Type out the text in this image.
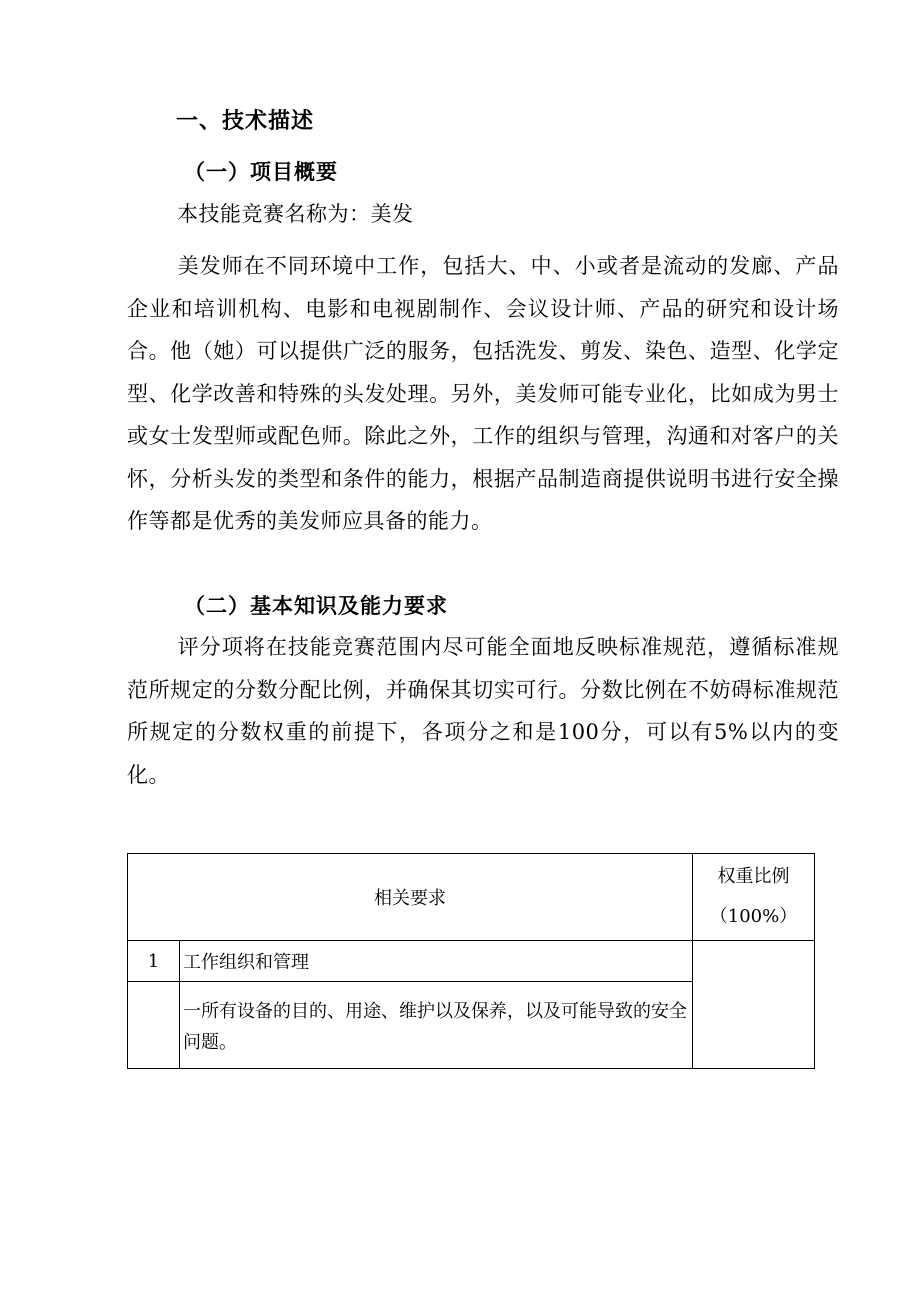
一、技术描述
（一）项目概要
本技能竞赛名称为：美发
美发师在不同环境中工作，包括大、中、小或者是流动的发廊、产品企业和培训机构、电影和电视剧制作、会议设计师、产品的研究和设计场合。他（她）可以提供广泛的服务，包括洗发、剪发、染色、造型、化学定型、化学改善和特殊的头发处理。另外，美发师可能专业化，比如成为男士或女士发型师或配色师。除此之外，工作的组织与管理，沟通和对客户的关怀，分析头发的类型和条件的能力，根据产品制造商提供说明书进行安全操作等都是优秀的美发师应具备的能力。
（二）基本知识及能力要求
评分项将在技能竞赛范围内尽可能全面地反映标准规范，遵循标准规范所规定的分数分配比例，并确保其切实可行。分数比例在不妨碍标准规范所规定的分数权重的前提下，各项分之和是100分，可以有5%以内的变化。
相关要求		权重比例
（100%）

1	工作组织和管理	
	一所有设备的目的、用途、维护以及保养，以及可能导致的安全问题。	
